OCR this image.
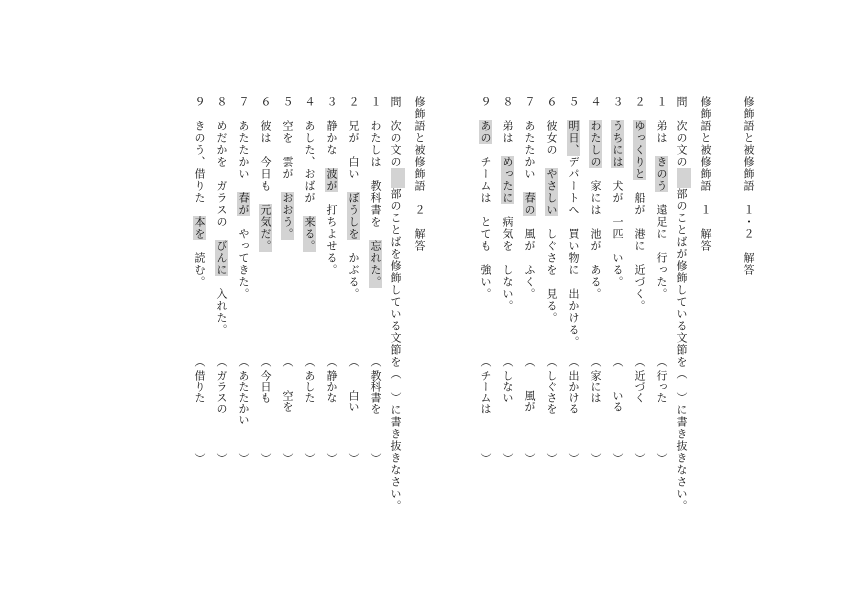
修飾語と被修飾語　１・２　解答
修飾語と被修飾語　１　解答
問　次の文の部のことばが修飾している文節を（　）に書き抜きなさい。
１　弟は　きのう　遠足に　行った。
２　ゆっくりと　船が　港に　近づく。
３　うちには　犬が　一匹　いる。
４　わたしの　家には　池が　ある。
５　明日、デパートへ　買い物に　出かける。
６　彼女の　やさしい　しぐさを　見る。
７　あたたかい　春の　風が　ふく。
８　弟は　めったに　病気を　しない。
９　あの　チームは　とても　強い。
（
行った
）
（
近づく
）
（
いる
）
（
家には
）
（
出かける
）
（
しぐさを
）
（
風が
）
（
しない
）
（
チームは
）
修飾語と被修飾語　２　解答
問　次の文の部のことばを修飾している文節を（　）に書き抜きなさい。
１　わたしは　教科書を　忘れた。
２　兄が　白い　ぼうしを　かぶる。
３　静かな　波が　打ちよせる。
４　あした、おばが　来る。
５　空を　雲が　おおう。
６　彼は　今日も　元気だ。
７　あたたかい　春が　やってきた。
８　めだかを　ガラスの　びんに　入れた。
９　きのう、借りた　本を　読む。
（
教科書を
）
（
白い
）
（
静かな
）
（
あした
）
（
空を
）
（
今日も
）
（
あたたかい
）
（
ガラスの
）
（
借りた
）
